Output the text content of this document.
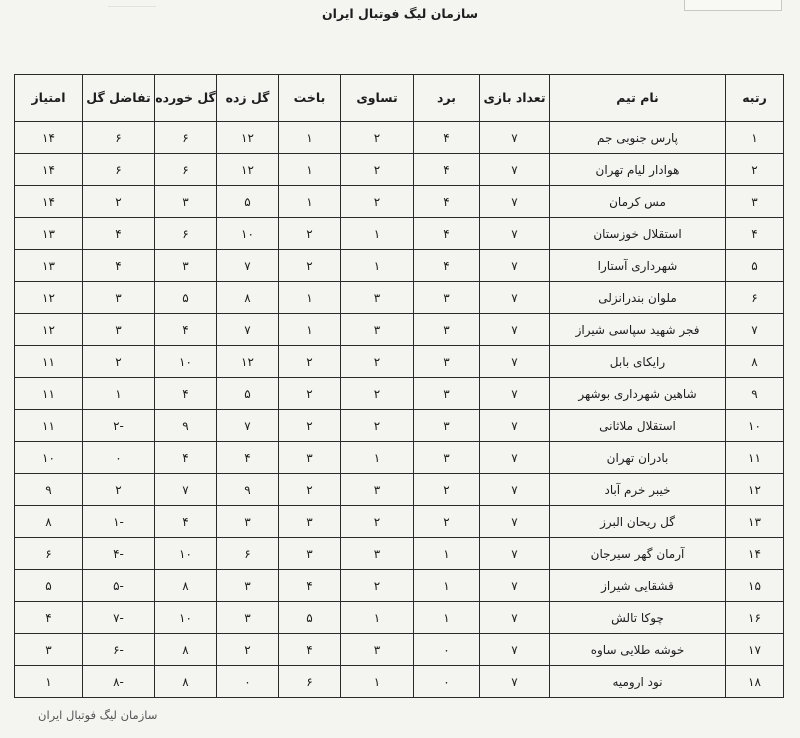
سازمان لیگ فوتبال ایران
رتبه	نام تیم	تعداد بازی	برد	تساوی	باخت	گل زده	گل خورده	تفاضل گل	امتیاز
۱	پارس جنوبی جم	۷	۴	۲	۱	۱۲	۶	۶	۱۴
۲	هوادار لیام تهران	۷	۴	۲	۱	۱۲	۶	۶	۱۴
۳	مس کرمان	۷	۴	۲	۱	۵	۳	۲	۱۴
۴	استقلال خوزستان	۷	۴	۱	۲	۱۰	۶	۴	۱۳
۵	شهرداری آستارا	۷	۴	۱	۲	۷	۳	۴	۱۳
۶	ملوان بندرانزلی	۷	۳	۳	۱	۸	۵	۳	۱۲
۷	فجر شهید سپاسی شیراز	۷	۳	۳	۱	۷	۴	۳	۱۲
۸	رایکای بابل	۷	۳	۲	۲	۱۲	۱۰	۲	۱۱
۹	شاهین شهرداری بوشهر	۷	۳	۲	۲	۵	۴	۱	۱۱
۱۰	استقلال ملاثانی	۷	۳	۲	۲	۷	۹	-۲	۱۱
۱۱	بادران تهران	۷	۳	۱	۳	۴	۴	۰	۱۰
۱۲	خیبر خرم آباد	۷	۲	۳	۲	۹	۷	۲	۹
۱۳	گل ریحان البرز	۷	۲	۲	۳	۳	۴	-۱	۸
۱۴	آرمان گهر سیرجان	۷	۱	۳	۳	۶	۱۰	-۴	۶
۱۵	قشقایی شیراز	۷	۱	۲	۴	۳	۸	-۵	۵
۱۶	چوکا تالش	۷	۱	۱	۵	۳	۱۰	-۷	۴
۱۷	خوشه طلایی ساوه	۷	۰	۳	۴	۲	۸	-۶	۳
۱۸	نود ارومیه	۷	۰	۱	۶	۰	۸	-۸	۱
سازمان لیگ فوتبال ایران
